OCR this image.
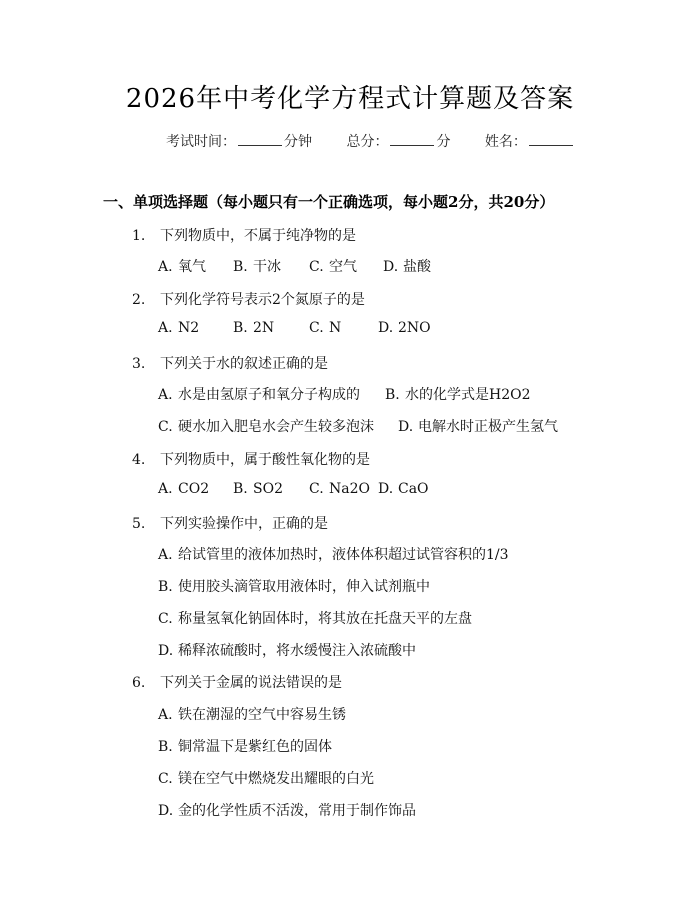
2026年中考化学方程式计算题及答案
考试时间：	分钟 总分：	分 姓名：
一、单项选择题（每小题只有一个正确选项，每小题2分，共20分）
1. 下列物质中，不属于纯净物的是
A. 氧气 B. 干冰 C. 空气 D. 盐酸
2. 下列化学符号表示2个氮原子的是
A. N2 B. 2N C. N	D. 2NO
3. 下列关于水的叙述正确的是
A. 水是由氢原子和氧分子构成的 B. 水的化学式是H2O2
C. 硬水加入肥皂水会产生较多泡沫 D. 电解水时正极产生氢气
4. 下列物质中，属于酸性氧化物的是
A. CO2 B. SO2 C. Na2O D. CaO
5. 下列实验操作中，正确的是
A. 给试管里的液体加热时，液体体积超过试管容积的1/3
B. 使用胶头滴管取用液体时，伸入试剂瓶中
C. 称量氢氧化钠固体时，将其放在托盘天平的左盘
D. 稀释浓硫酸时，将水缓慢注入浓硫酸中
6. 下列关于金属的说法错误的是
A. 铁在潮湿的空气中容易生锈
B. 铜常温下是紫红色的固体
C. 镁在空气中燃烧发出耀眼的白光
D. 金的化学性质不活泼，常用于制作饰品
